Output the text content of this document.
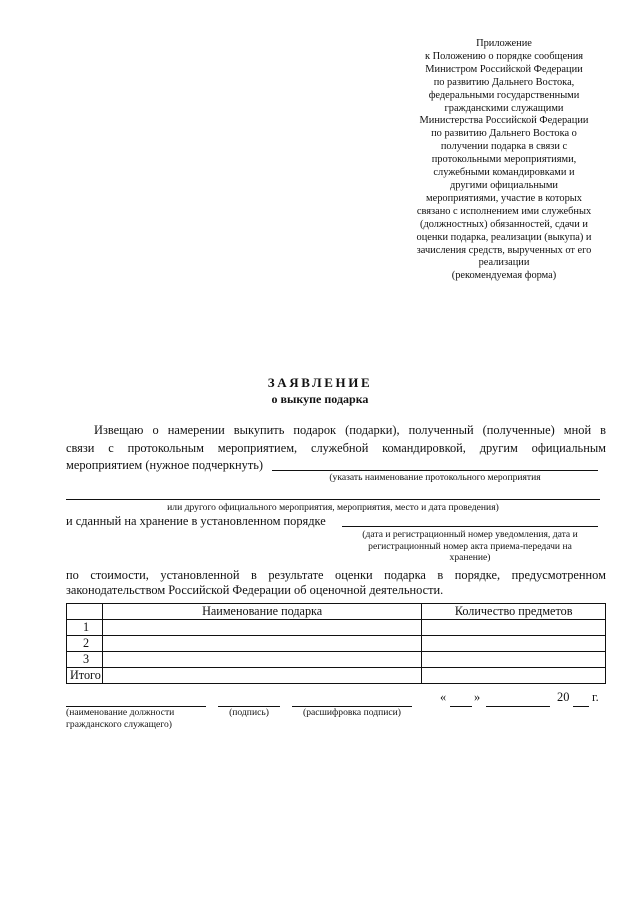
Приложение
к Положению о порядке сообщения
Министром Российской Федерации
по развитию Дальнего Востока,
федеральными государственными
гражданскими служащими
Министерства Российской Федерации
по развитию Дальнего Востока о
получении подарка в связи с
протокольными мероприятиями,
служебными командировками и
другими официальными
мероприятиями, участие в которых
связано с исполнением ими служебных
(должностных) обязанностей, сдачи и
оценки подарка, реализации (выкупа) и
зачисления средств, вырученных от его
реализации
(рекомендуемая форма)
ЗАЯВЛЕНИЕ
о выкупе подарка
Извещаю о намерении выкупить подарок (подарки), полученный (полученные) мной в
связи с протокольным мероприятием, служебной командировкой, другим официальным
мероприятием (нужное подчеркнуть)
(указать наименование протокольного мероприятия
или другого официального мероприятия, мероприятия, место и дата проведения)
и сданный на хранение в установленном порядке
(дата и регистрационный номер уведомления, дата и
регистрационный номер акта приема-передачи на
хранение)
по стоимости, установленной в результате оценки подарка в порядке, предусмотренном
законодательством Российской Федерации об оценочной деятельности.
	Наименование подарка	Количество предметов
1		
2		
3		
Итого		
« »	20 г.
(наименование должности
гражданского служащего)
(подпись)	(расшифровка подписи)
